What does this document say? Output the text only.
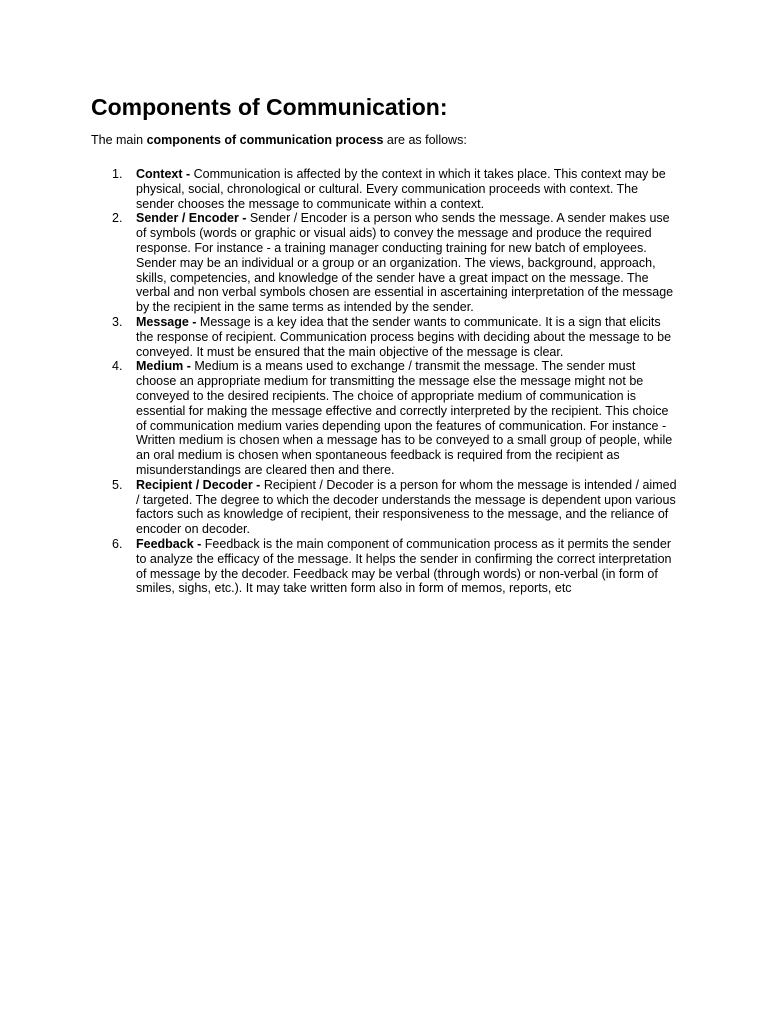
Components of Communication:

The main components of communication process are as follows:

1. Context - Communication is affected by the context in which it takes place. This context may be physical, social, chronological or cultural. Every communication proceeds with context. The sender chooses the message to communicate within a context.
2. Sender / Encoder - Sender / Encoder is a person who sends the message. A sender makes use of symbols (words or graphic or visual aids) to convey the message and produce the required response. For instance - a training manager conducting training for new batch of employees. Sender may be an individual or a group or an organization. The views, background, approach, skills, competencies, and knowledge of the sender have a great impact on the message. The verbal and non verbal symbols chosen are essential in ascertaining interpretation of the message by the recipient in the same terms as intended by the sender.
3. Message - Message is a key idea that the sender wants to communicate. It is a sign that elicits the response of recipient. Communication process begins with deciding about the message to be conveyed. It must be ensured that the main objective of the message is clear.
4. Medium - Medium is a means used to exchange / transmit the message. The sender must choose an appropriate medium for transmitting the message else the message might not be conveyed to the desired recipients. The choice of appropriate medium of communication is essential for making the message effective and correctly interpreted by the recipient. This choice of communication medium varies depending upon the features of communication. For instance - Written medium is chosen when a message has to be conveyed to a small group of people, while an oral medium is chosen when spontaneous feedback is required from the recipient as misunderstandings are cleared then and there.
5. Recipient / Decoder - Recipient / Decoder is a person for whom the message is intended / aimed / targeted. The degree to which the decoder understands the message is dependent upon various factors such as knowledge of recipient, their responsiveness to the message, and the reliance of encoder on decoder.
6. Feedback - Feedback is the main component of communication process as it permits the sender to analyze the efficacy of the message. It helps the sender in confirming the correct interpretation of message by the decoder. Feedback may be verbal (through words) or non-verbal (in form of smiles, sighs, etc.). It may take written form also in form of memos, reports, etc
